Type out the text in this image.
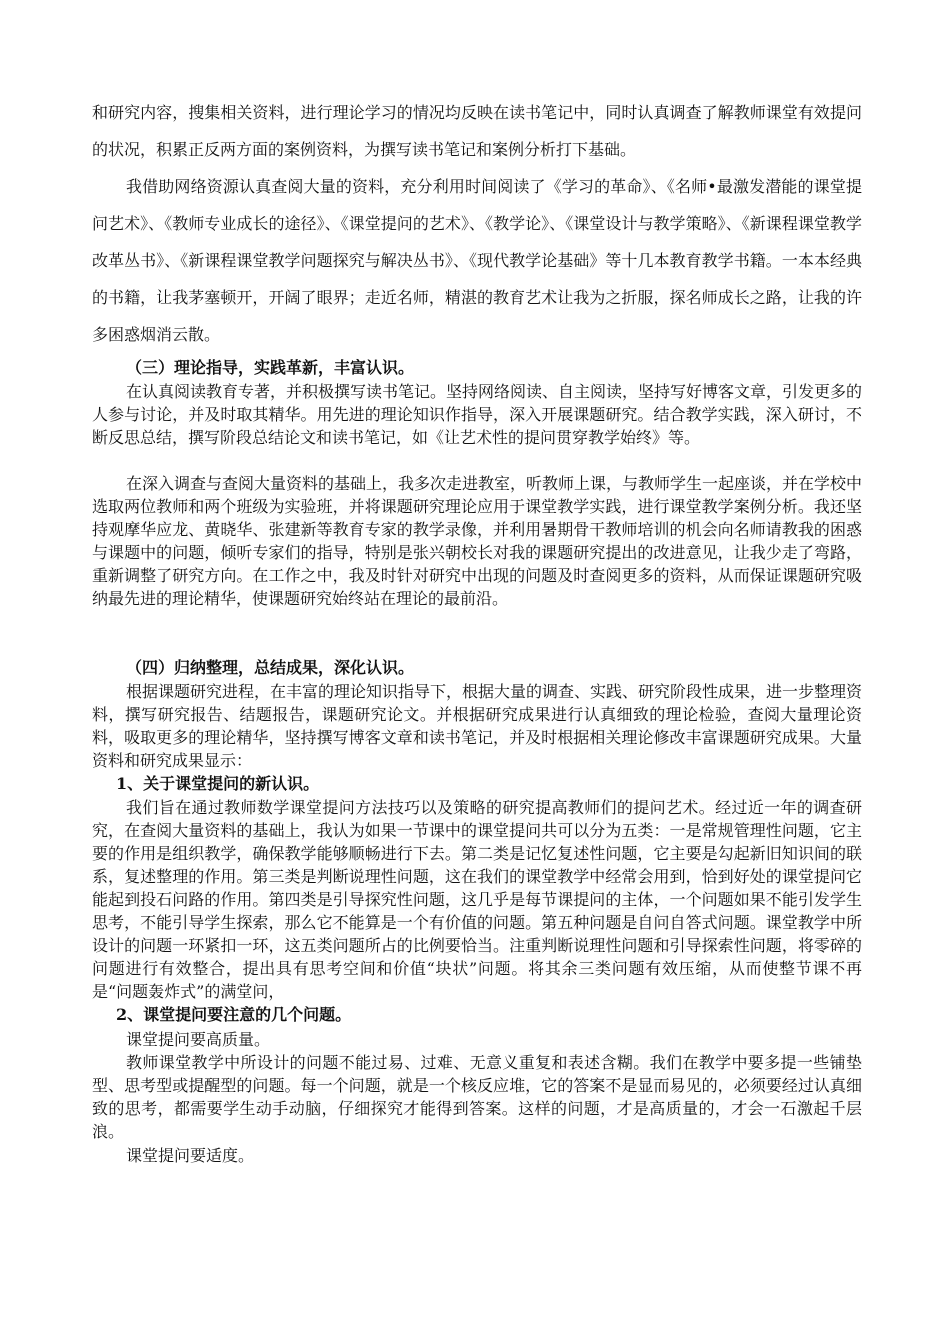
和研究内容，搜集相关资料，进行理论学习的情况均反映在读书笔记中，同时认真调查了解教师课堂有效提问的状况，积累正反两方面的案例资料，为撰写读书笔记和案例分析打下基础。

我借助网络资源认真查阅大量的资料，充分利用时间阅读了《学习的革命》、《名师•最激发潜能的课堂提问艺术》、《教师专业成长的途径》、《课堂提问的艺术》、《教学论》、《课堂设计与教学策略》、《新课程课堂教学改革丛书》、《新课程课堂教学问题探究与解决丛书》、《现代教学论基础》等十几本教育教学书籍。一本本经典的书籍，让我茅塞顿开，开阔了眼界；走近名师，精湛的教育艺术让我为之折服，探名师成长之路，让我的许多困惑烟消云散。

（三）理论指导，实践革新，丰富认识。

在认真阅读教育专著，并积极撰写读书笔记。坚持网络阅读、自主阅读，坚持写好博客文章，引发更多的人参与讨论，并及时取其精华。用先进的理论知识作指导，深入开展课题研究。结合教学实践，深入研讨，不断反思总结，撰写阶段总结论文和读书笔记，如《让艺术性的提问贯穿教学始终》等。

在深入调查与查阅大量资料的基础上，我多次走进教室，听教师上课，与教师学生一起座谈，并在学校中选取两位教师和两个班级为实验班，并将课题研究理论应用于课堂教学实践，进行课堂教学案例分析。我还坚持观摩华应龙、黄晓华、张建新等教育专家的教学录像，并利用暑期骨干教师培训的机会向名师请教我的困惑与课题中的问题，倾听专家们的指导，特别是张兴朝校长对我的课题研究提出的改进意见，让我少走了弯路，重新调整了研究方向。在工作之中，我及时针对研究中出现的问题及时查阅更多的资料，从而保证课题研究吸纳最先进的理论精华，使课题研究始终站在理论的最前沿。

（四）归纳整理，总结成果，深化认识。

根据课题研究进程，在丰富的理论知识指导下，根据大量的调查、实践、研究阶段性成果，进一步整理资料，撰写研究报告、结题报告，课题研究论文。并根据研究成果进行认真细致的理论检验，查阅大量理论资料，吸取更多的理论精华，坚持撰写博客文章和读书笔记，并及时根据相关理论修改丰富课题研究成果。大量资料和研究成果显示：

1、关于课堂提问的新认识。

我们旨在通过教师数学课堂提问方法技巧以及策略的研究提高教师们的提问艺术。经过近一年的调查研究，在查阅大量资料的基础上，我认为如果一节课中的课堂提问共可以分为五类：一是常规管理性问题，它主要的作用是组织教学，确保教学能够顺畅进行下去。第二类是记忆复述性问题，它主要是勾起新旧知识间的联系，复述整理的作用。第三类是判断说理性问题，这在我们的课堂教学中经常会用到，恰到好处的课堂提问它能起到投石问路的作用。第四类是引导探究性问题，这几乎是每节课提问的主体，一个问题如果不能引发学生思考，不能引导学生探索，那么它不能算是一个有价值的问题。第五种问题是自问自答式问题。课堂教学中所设计的问题一环紧扣一环，这五类问题所占的比例要恰当。注重判断说理性问题和引导探索性问题，将零碎的问题进行有效整合，提出具有思考空间和价值“块状”问题。将其余三类问题有效压缩，从而使整节课不再是“问题轰炸式”的满堂问，

2、课堂提问要注意的几个问题。

课堂提问要高质量。

教师课堂教学中所设计的问题不能过易、过难、无意义重复和表述含糊。我们在教学中要多提一些铺垫型、思考型或提醒型的问题。每一个问题，就是一个核反应堆，它的答案不是显而易见的，必须要经过认真细致的思考，都需要学生动手动脑，仔细探究才能得到答案。这样的问题，才是高质量的，才会一石激起千层浪。

课堂提问要适度。
